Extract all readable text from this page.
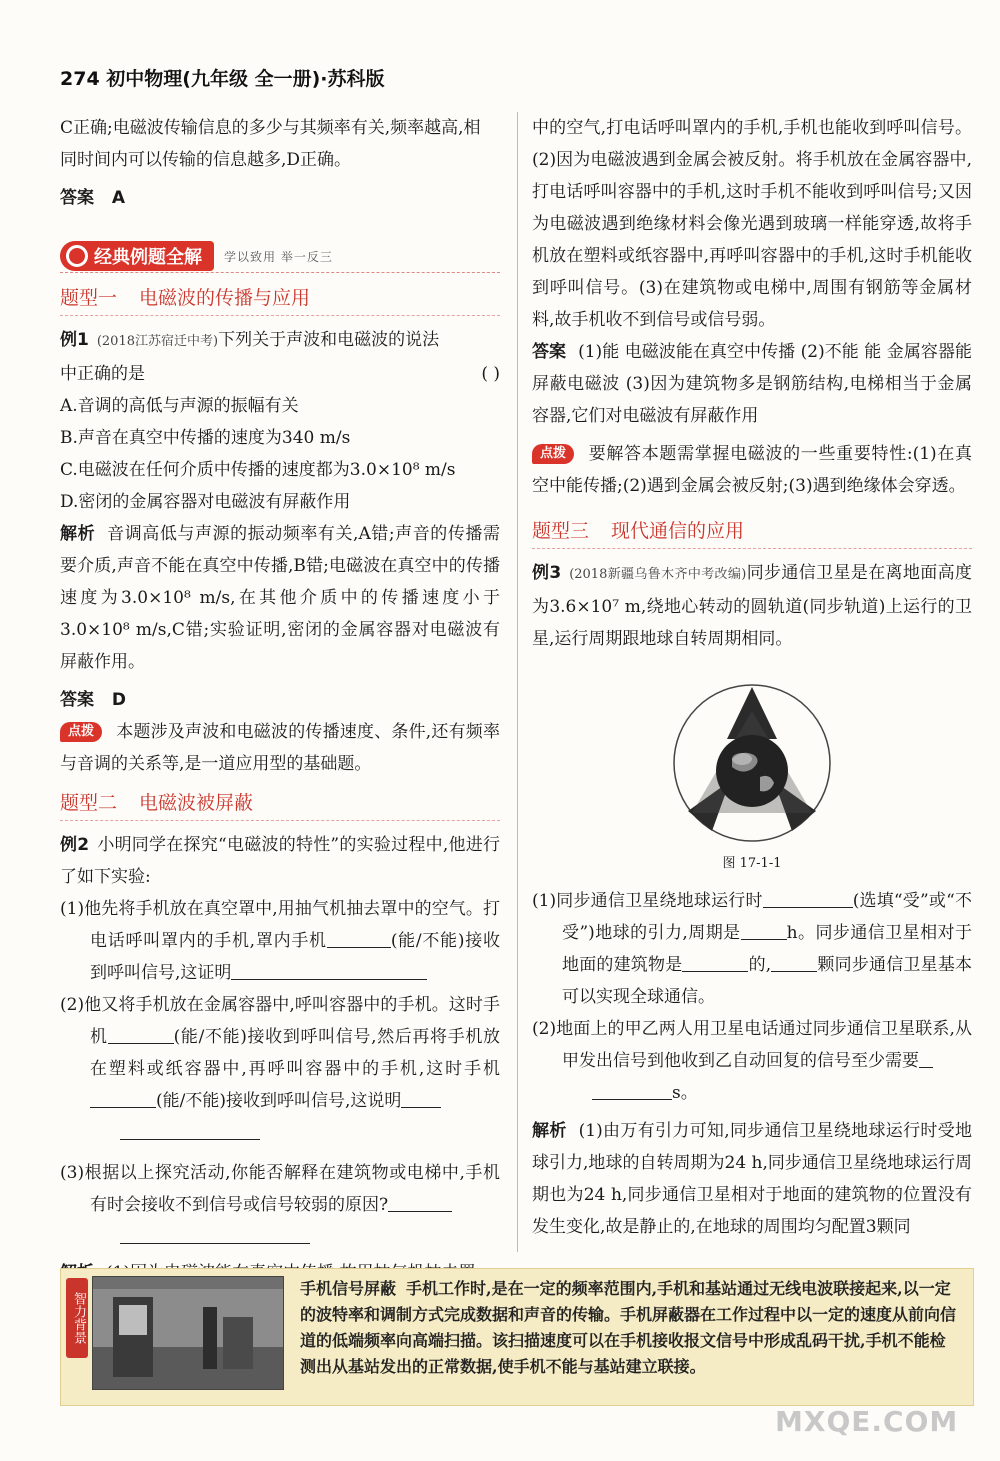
274 初中物理(九年级 全一册)·苏科版

C正确;电磁波传输信息的多少与其频率有关,频率越高,相

同时间内可以传输的信息越多,D正确。

答案 A
经典例题全解 学以致用 举一反三
题型一 电磁波的传播与应用

例1 (2018江苏宿迁中考)下列关于声波和电磁波的说法

中正确的是	( )

A.音调的高低与声源的振幅有关

B.声音在真空中传播的速度为340 m/s

C.电磁波在任何介质中传播的速度都为3.0×10⁸ m/s

D.密闭的金属容器对电磁波有屏蔽作用

解析 音调高低与声源的振动频率有关,A错;声音的传播需要介质,声音不能在真空中传播,B错;电磁波在真空中的传播速度为3.0×10⁸ m/s,在其他介质中的传播速度小于3.0×10⁸ m/s,C错;实验证明,密闭的金属容器对电磁波有屏蔽作用。

答案 D

点拨 本题涉及声波和电磁波的传播速度、条件,还有频率与音调的关系等,是一道应用型的基础题。

题型二 电磁波被屏蔽

例2 小明同学在探究“电磁波的特性”的实验过程中,他进行了如下实验:

(1)他先将手机放在真空罩中,用抽气机抽去罩中的空气。打电话呼叫罩内的手机,罩内手机	(能/不能)接收到呼叫信号,这证明

(2)他又将手机放在金属容器中,呼叫容器中的手机。这时手机	(能/不能)接收到呼叫信号,然后再将手机放在塑料或纸容器中,再呼叫容器中的手机,这时手机(能/不能)接收到呼叫信号,这说明

(3)根据以上探究活动,你能否解释在建筑物或电梯中,手机有时会接收不到信号或信号较弱的原因?

中的空气,打电话呼叫罩内的手机,手机也能收到呼叫信号。(2)因为电磁波遇到金属会被反射。将手机放在金属容器中,打电话呼叫容器中的手机,这时手机不能收到呼叫信号;又因为电磁波遇到绝缘材料会像光遇到玻璃一样能穿透,故将手机放在塑料或纸容器中,再呼叫容器中的手机,这时手机能收到呼叫信号。(3)在建筑物或电梯中,周围有钢筋等金属材料,故手机收不到信号或信号弱。

答案 (1)能 电磁波能在真空中传播 (2)不能 能 金属容器能屏蔽电磁波 (3)因为建筑物多是钢筋结构,电梯相当于金属容器,它们对电磁波有屏蔽作用

点拨 要解答本题需掌握电磁波的一些重要特性:(1)在真空中能传播;(2)遇到金属会被反射;(3)遇到绝缘体会穿透。

题型三 现代通信的应用

例3 (2018新疆乌鲁木齐中考改编)同步通信卫星是在离地面高度为3.6×10⁷ m,绕地心转动的圆轨道(同步轨道)上运行的卫星,运行周期跟地球自转周期相同。

图 17-1-1

(1)同步通信卫星绕地球运行时	(选填“受”或“不受”)地球的引力,周期是	h。同步通信卫星相对于地面的建筑物是	的,	颗同步通信卫星基本可以实现全球通信。

(2)地面上的甲乙两人用卫星电话通过同步通信卫星联系,从甲发出信号到他收到乙自动回复的信号至少需要
s。

解析 (1)由万有引力可知,同步通信卫星绕地球运行时受地球引力,地球的自转周期为24 h,同步通信卫星绕地球运行周期也为24 h,同步通信卫星相对于地面的建筑物的位置没有发生变化,故是静止的,在地球的周围均匀配置3颗同

智力背景
手机信号屏蔽 手机工作时,是在一定的频率范围内,手机和基站通过无线电波联接起来,以一定的波特率和调制方式完成数据和声音的传输。手机屏蔽器在工作过程中以一定的速度从前向信道的低端频率向高端扫描。该扫描速度可以在手机接收报文信号中形成乱码干扰,手机不能检测出从基站发出的正常数据,使手机不能与基站建立联接。
MXQE.COM
